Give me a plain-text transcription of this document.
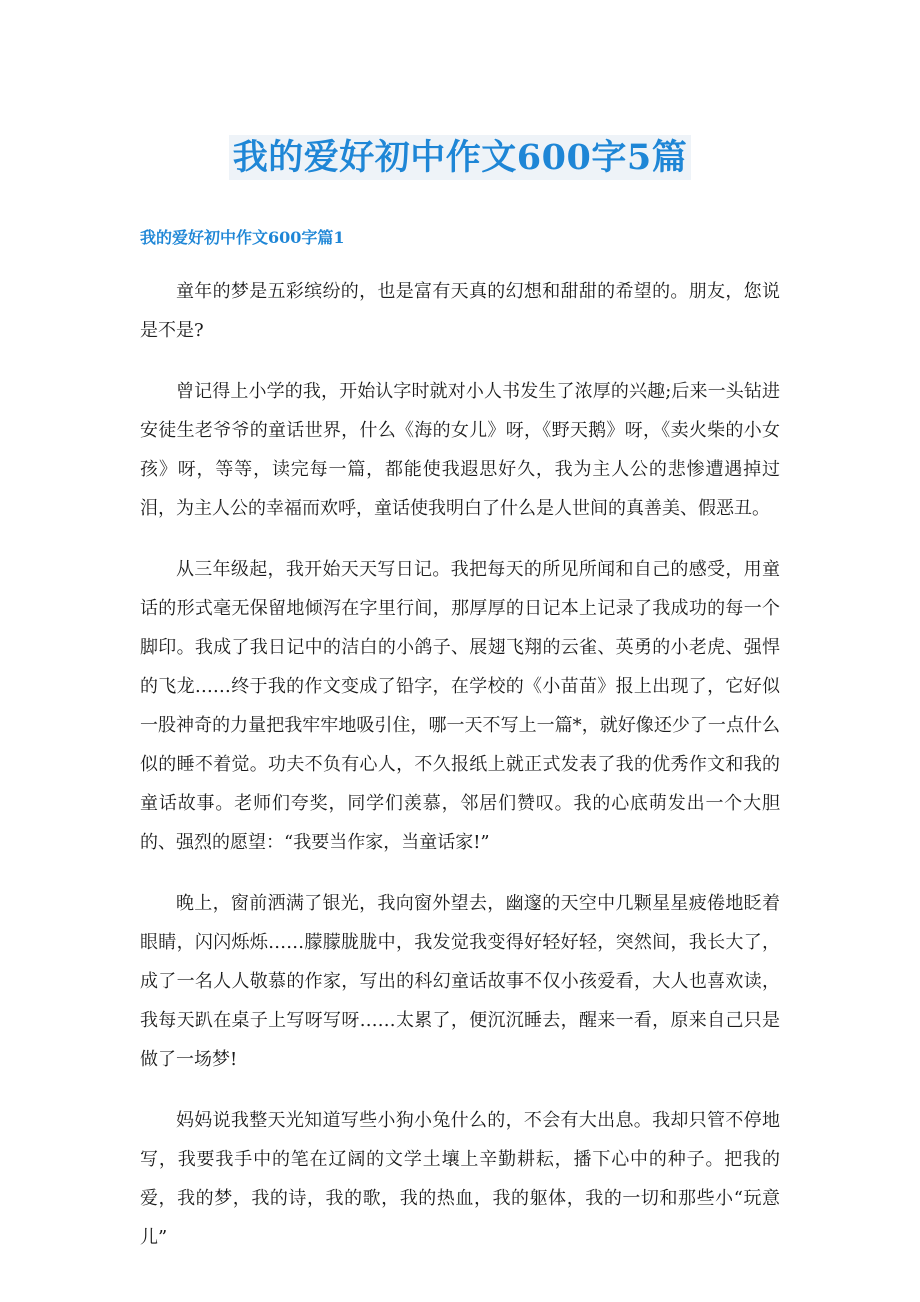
我的爱好初中作文600字5篇
我的爱好初中作文600字篇1

童年的梦是五彩缤纷的，也是富有天真的幻想和甜甜的希望的。朋友，您说是不是?

曾记得上小学的我，开始认字时就对小人书发生了浓厚的兴趣;后来一头钻进安徒生老爷爷的童话世界，什么《海的女儿》呀，《野天鹅》呀，《卖火柴的小女孩》呀，等等，读完每一篇，都能使我遐思好久，我为主人公的悲惨遭遇掉过泪，为主人公的幸福而欢呼，童话使我明白了什么是人世间的真善美、假恶丑。

从三年级起，我开始天天写日记。我把每天的所见所闻和自己的感受，用童话的形式毫无保留地倾泻在字里行间，那厚厚的日记本上记录了我成功的每一个脚印。我成了我日记中的洁白的小鸽子、展翅飞翔的云雀、英勇的小老虎、强悍的飞龙……终于我的作文变成了铅字，在学校的《小苗苗》报上出现了，它好似一股神奇的力量把我牢牢地吸引住，哪一天不写上一篇*，就好像还少了一点什么似的睡不着觉。功夫不负有心人，不久报纸上就正式发表了我的优秀作文和我的童话故事。老师们夸奖，同学们羡慕，邻居们赞叹。我的心底萌发出一个大胆的、强烈的愿望：“我要当作家，当童话家!”

晚上，窗前洒满了银光，我向窗外望去，幽邃的天空中几颗星星疲倦地眨着眼睛，闪闪烁烁……朦朦胧胧中，我发觉我变得好轻好轻，突然间，我长大了，成了一名人人敬慕的作家，写出的科幻童话故事不仅小孩爱看，大人也喜欢读，我每天趴在桌子上写呀写呀……太累了，便沉沉睡去，醒来一看，原来自己只是做了一场梦!

妈妈说我整天光知道写些小狗小兔什么的，不会有大出息。我却只管不停地写，我要我手中的笔在辽阔的文学土壤上辛勤耕耘，播下心中的种子。把我的爱，我的梦，我的诗，我的歌，我的热血，我的躯体，我的一切和那些小“玩意儿”
